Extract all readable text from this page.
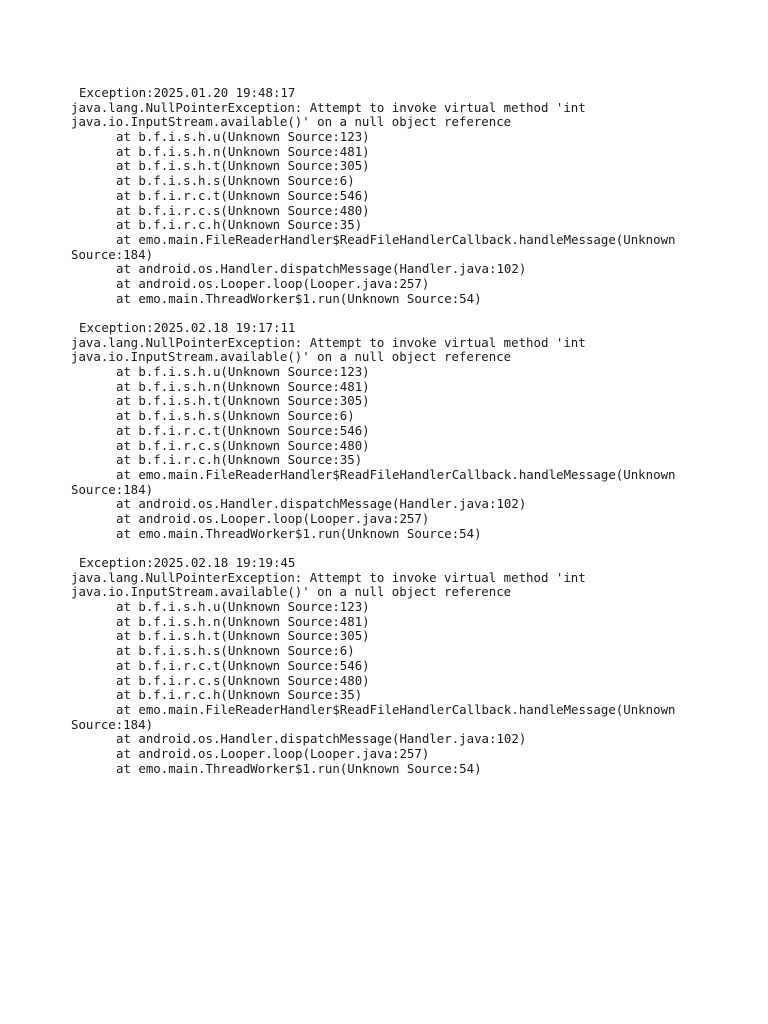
Exception:2025.01.20 19:48:17
java.lang.NullPointerException: Attempt to invoke virtual method 'int
java.io.InputStream.available()' on a null object reference
at b.f.i.s.h.u(Unknown Source:123)
at b.f.i.s.h.n(Unknown Source:481)
at b.f.i.s.h.t(Unknown Source:305)
at b.f.i.s.h.s(Unknown Source:6)
at b.f.i.r.c.t(Unknown Source:546)
at b.f.i.r.c.s(Unknown Source:480)
at b.f.i.r.c.h(Unknown Source:35)
at emo.main.FileReaderHandler$ReadFileHandlerCallback.handleMessage(Unknown
Source:184)
at android.os.Handler.dispatchMessage(Handler.java:102)
at android.os.Looper.loop(Looper.java:257)
at emo.main.ThreadWorker$1.run(Unknown Source:54)
Exception:2025.02.18 19:17:11
java.lang.NullPointerException: Attempt to invoke virtual method 'int
java.io.InputStream.available()' on a null object reference
at b.f.i.s.h.u(Unknown Source:123)
at b.f.i.s.h.n(Unknown Source:481)
at b.f.i.s.h.t(Unknown Source:305)
at b.f.i.s.h.s(Unknown Source:6)
at b.f.i.r.c.t(Unknown Source:546)
at b.f.i.r.c.s(Unknown Source:480)
at b.f.i.r.c.h(Unknown Source:35)
at emo.main.FileReaderHandler$ReadFileHandlerCallback.handleMessage(Unknown
Source:184)
at android.os.Handler.dispatchMessage(Handler.java:102)
at android.os.Looper.loop(Looper.java:257)
at emo.main.ThreadWorker$1.run(Unknown Source:54)
Exception:2025.02.18 19:19:45
java.lang.NullPointerException: Attempt to invoke virtual method 'int
java.io.InputStream.available()' on a null object reference
at b.f.i.s.h.u(Unknown Source:123)
at b.f.i.s.h.n(Unknown Source:481)
at b.f.i.s.h.t(Unknown Source:305)
at b.f.i.s.h.s(Unknown Source:6)
at b.f.i.r.c.t(Unknown Source:546)
at b.f.i.r.c.s(Unknown Source:480)
at b.f.i.r.c.h(Unknown Source:35)
at emo.main.FileReaderHandler$ReadFileHandlerCallback.handleMessage(Unknown
Source:184)
at android.os.Handler.dispatchMessage(Handler.java:102)
at android.os.Looper.loop(Looper.java:257)
at emo.main.ThreadWorker$1.run(Unknown Source:54)
